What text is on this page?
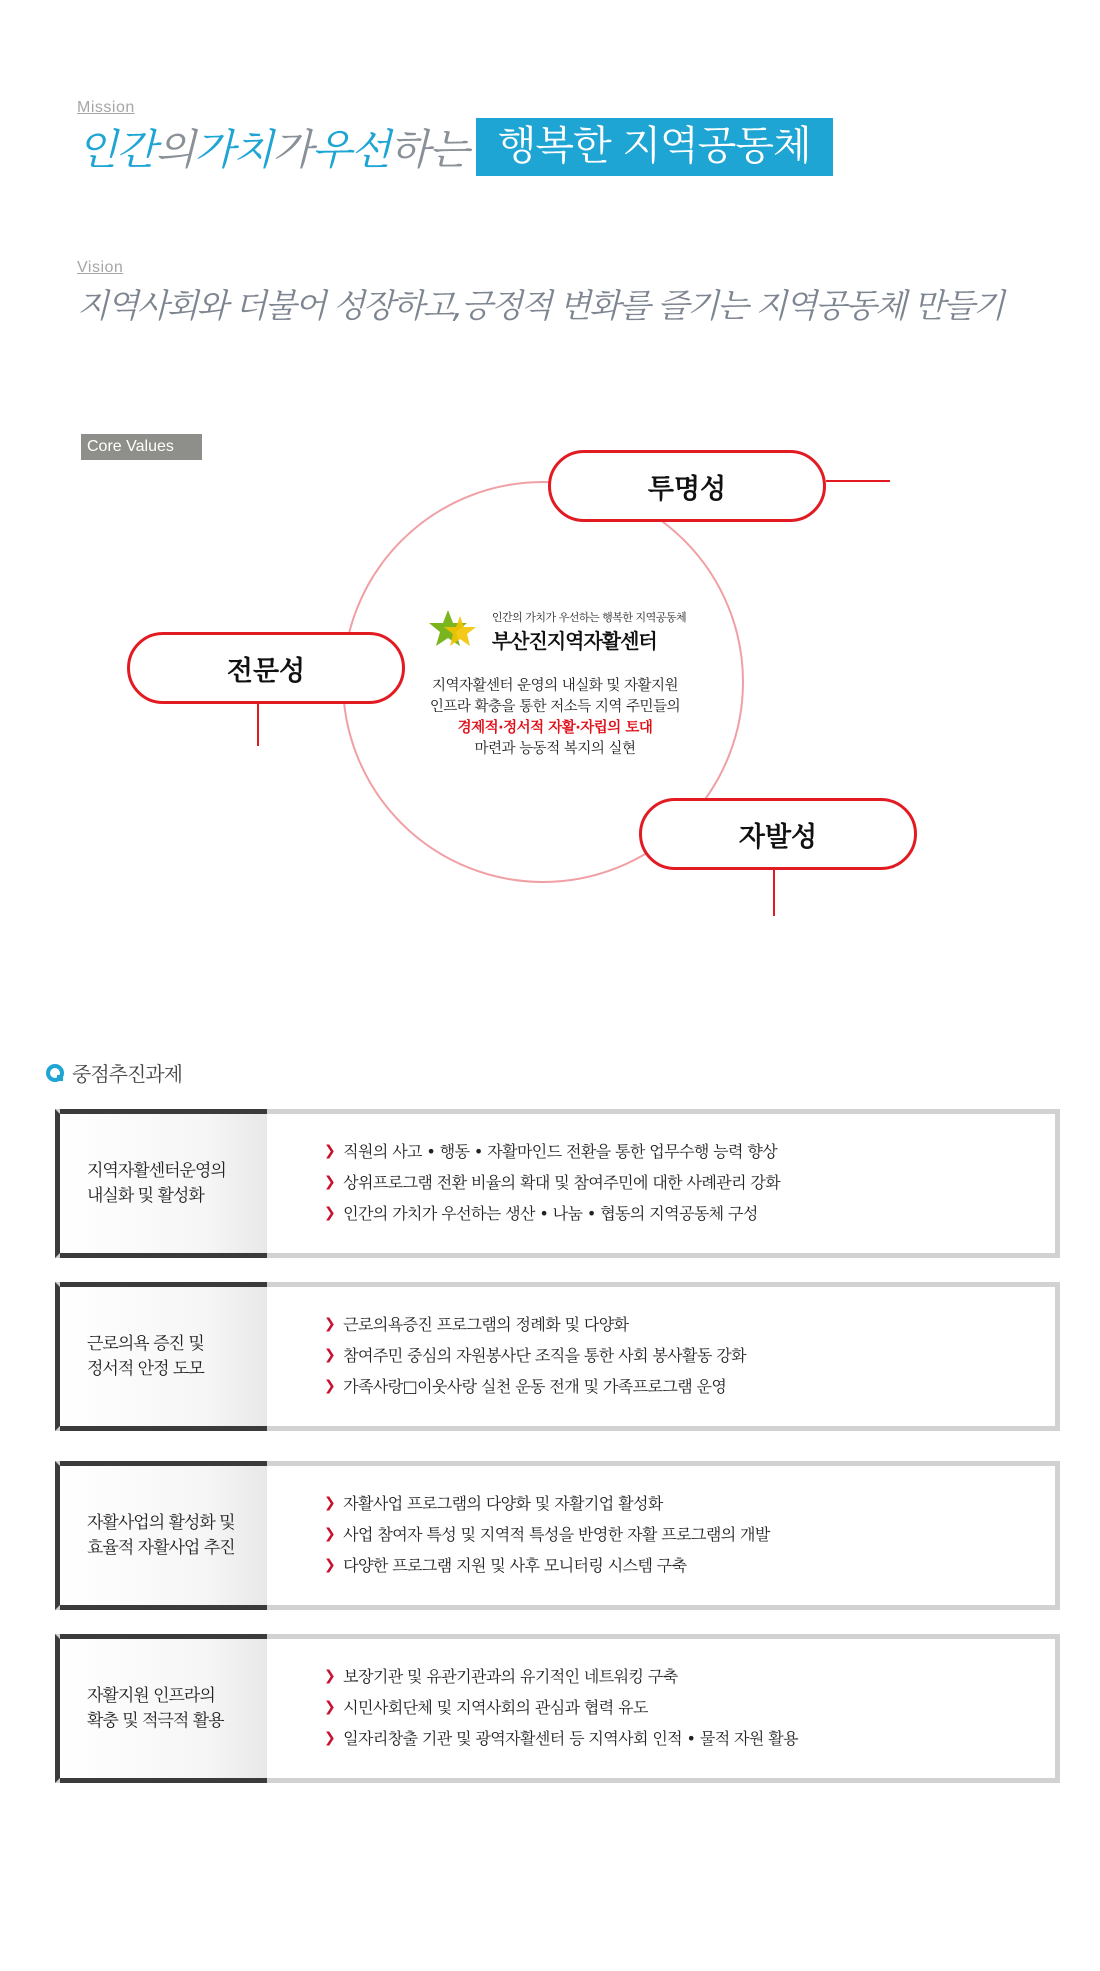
Mission
인간 의 가치 가 우선 하는 행복한 지역공동체
Vision
지역사회와 더불어 성장하고,긍정적 변화를 즐기는 지역공동체 만들기
Core Values
투명성
전문성
자발성
인간의 가치가 우선하는 행복한 지역공동체
부산진지역자활센터
지역자활센터 운영의 내실화 및 자활지원
인프라 확충을 통한 저소득 지역 주민들의
경제적·정서적 자활·자립의 토대
마련과 능동적 복지의 실현
중점추진과제
지역자활센터운영의
내실화 및 활성화
❯ 직원의 사고 • 행동 • 자활마인드 전환을 통한 업무수행 능력 향상
❯ 상위프로그램 전환 비율의 확대 및 참여주민에 대한 사례관리 강화
❯ 인간의 가치가 우선하는 생산 • 나눔 • 협동의 지역공동체 구성
근로의욕 증진 및
정서적 안정 도모
❯ 근로의욕증진 프로그램의 정례화 및 다양화
❯ 참여주민 중심의 자원봉사단 조직을 통한 사회 봉사활동 강화
❯ 가족사랑□이웃사랑 실천 운동 전개 및 가족프로그램 운영
자활사업의 활성화 및
효율적 자활사업 추진
❯ 자활사업 프로그램의 다양화 및 자활기업 활성화
❯ 사업 참여자 특성 및 지역적 특성을 반영한 자활 프로그램의 개발
❯ 다양한 프로그램 지원 및 사후 모니터링 시스템 구축
자활지원 인프라의
확충 및 적극적 활용
❯ 보장기관 및 유관기관과의 유기적인 네트워킹 구축
❯ 시민사회단체 및 지역사회의 관심과 협력 유도
❯ 일자리창출 기관 및 광역자활센터 등 지역사회 인적 • 물적 자원 활용
